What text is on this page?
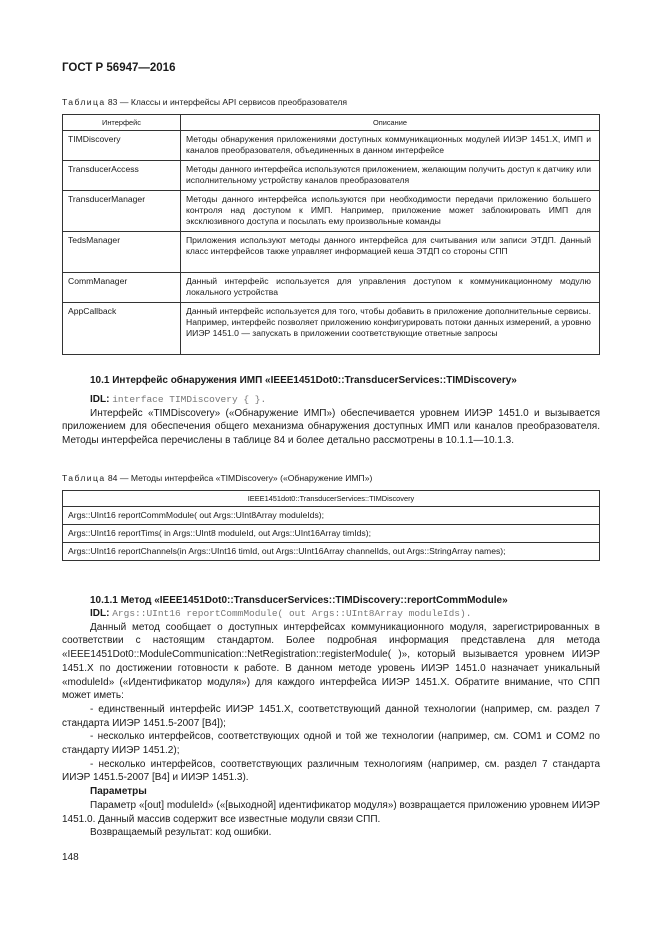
ГОСТ Р 56947—2016
Таблица 83 — Классы и интерфейсы API сервисов преобразователя
Интерфейс	Описание
TIMDiscovery	Методы обнаружения приложениями доступных коммуникационных модулей ИИЭР 1451.Х, ИМП и каналов преобразователя, объединенных в данном интерфейсе
TransducerAccess	Методы данного интерфейса используются приложением, желающим получить доступ к датчику или исполнительному устройству каналов преобразователя
TransducerManager	Методы данного интерфейса используются при необходимости передачи приложению большего контроля над доступом к ИМП. Например, приложение может заблокировать ИМП для эксклюзивного доступа и посылать ему произвольные команды
TedsManager	Приложения используют методы данного интерфейса для считывания или записи ЭТДП. Данный класс интерфейсов также управляет информацией кеша ЭТДП со стороны СПП
CommManager	Данный интерфейс используется для управления доступом к коммуникационному модулю локального устройства
AppCallback	Данный интерфейс используется для того, чтобы добавить в приложение дополнительные сервисы. Например, интерфейс позволяет приложению конфигурировать потоки данных измерений, а уровню ИИЭР 1451.0 — запускать в приложении соответствующие ответные запросы
10.1 Интерфейс обнаружения ИМП «IEEE1451Dot0::TransducerServices::TIMDiscovery»

IDL: interface TIMDiscovery { }.

Интерфейс «TIMDiscovery» («Обнаружение ИМП») обеспечивается уровнем ИИЭР 1451.0 и вызывается приложением для обеспечения общего механизма обнаружения доступных ИМП или каналов преобразователя. Методы интерфейса перечислены в таблице 84 и более детально рассмотрены в 10.1.1—10.1.3.

Таблица 84 — Методы интерфейса «TIMDiscovery» («Обнаружение ИМП»)
IEEE1451dot0::TransducerServices::TIMDiscovery
Args::UInt16 reportCommModule( out Args::UInt8Array moduleIds);
Args::UInt16 reportTims( in Args::UInt8 moduleId, out Args::UInt16Array timIds);
Args::UInt16 reportChannels(in Args::UInt16 timId, out Args::UInt16Array channelIds, out Args::StringArray names);
10.1.1 Метод «IEEE1451Dot0::TransducerServices::TIMDiscovery::reportCommModule»

IDL: Args::UInt16 reportCommModule( out Args::UInt8Array moduleIds).

Данный метод сообщает о доступных интерфейсах коммуникационного модуля, зарегистрированных в соответствии с настоящим стандартом. Более подробная информация представлена для метода «IEEE1451Dot0::ModuleCommunication::NetRegistration::registerModule( )», который вызывается уровнем ИИЭР 1451.Х по достижении готовности к работе. В данном методе уровень ИИЭР 1451.0 назначает уникальный «moduleId» («Идентификатор модуля») для каждого интерфейса ИИЭР 1451.Х. Обратите внимание, что СПП может иметь:

- единственный интерфейс ИИЭР 1451.Х, соответствующий данной технологии (например, см. раздел 7 стандарта ИИЭР 1451.5-2007 [В4]);

- несколько интерфейсов, соответствующих одной и той же технологии (например, см. COM1 и COM2 по стандарту ИИЭР 1451.2);

- несколько интерфейсов, соответствующих различным технологиям (например, см. раздел 7 стандарта ИИЭР 1451.5-2007 [В4] и ИИЭР 1451.3).

Параметры

Параметр «[out] moduleId» («[выходной] идентификатор модуля») возвращается приложению уровнем ИИЭР 1451.0. Данный массив содержит все известные модули связи СПП.

Возвращаемый результат: код ошибки.

148
